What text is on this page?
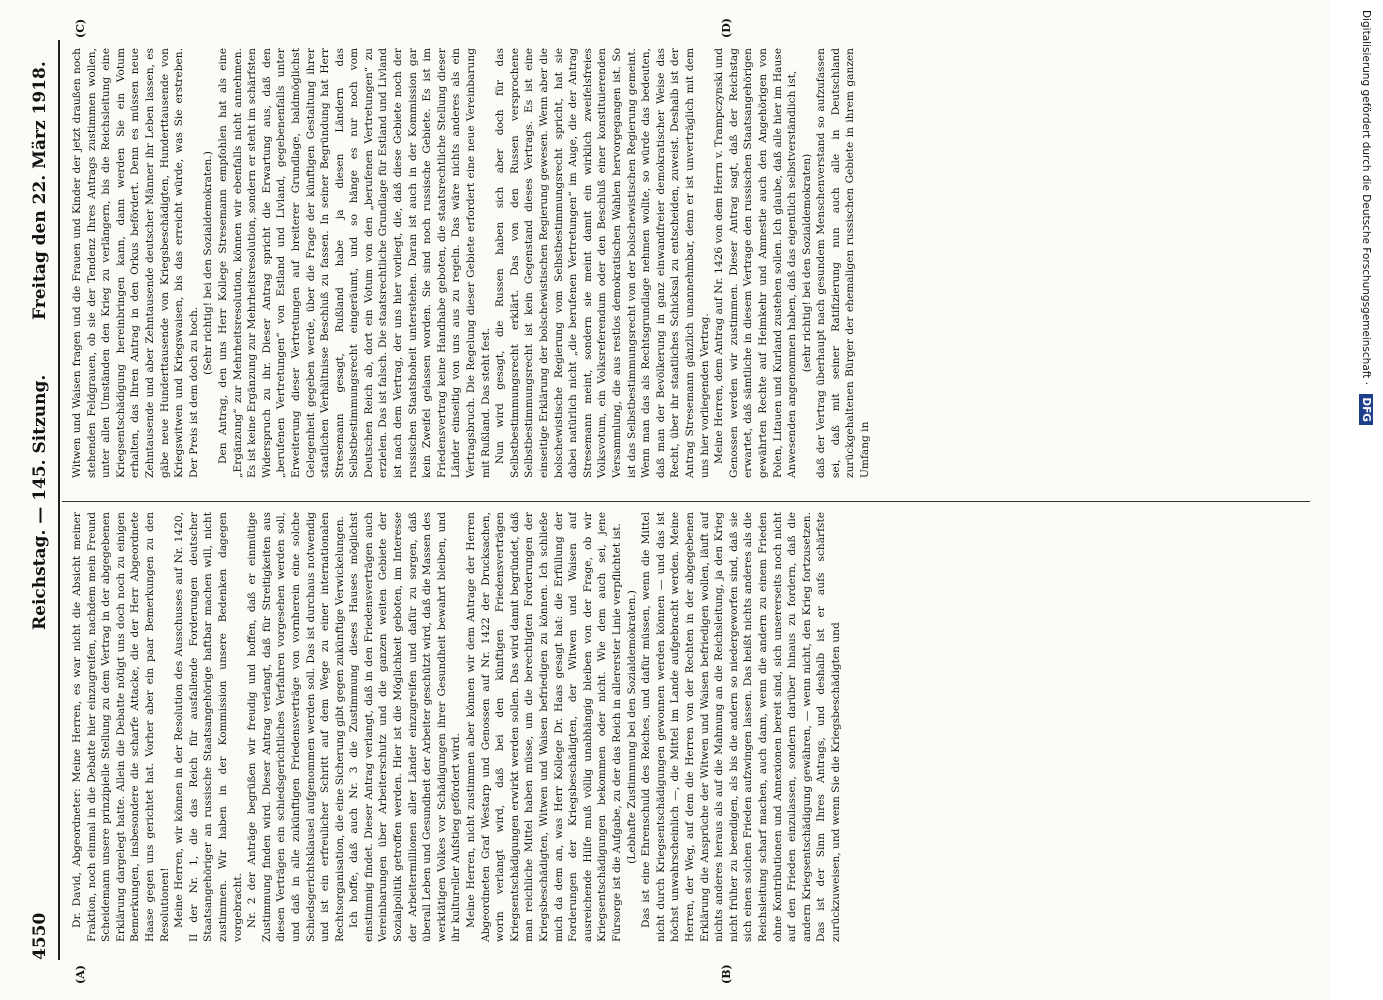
4550
Reichstag. — 145. Sitzung.
Freitag den 22. März 1918.
(A)	(B)
(C)	(D)

Dr. David, Abgeordneter: Meine Herren, es war nicht die Absicht meiner Fraktion, noch einmal in die Debatte hier einzugreifen, nachdem mein Freund Scheidemann unsere prinzipielle Stellung zu dem Vertrag in der abgegebenen Erklärung dargelegt hatte. Allein die Debatte nötigt uns doch noch zu einigen Bemerkungen, insbesondere die scharfe Attacke, die der Herr Abgeordnete Haase gegen uns gerichtet hat. Vorher aber ein paar Bemerkungen zu den Resolutionen! Meine Herren, wir können in der Resolution des Ausschusses auf Nr. 1420, II der Nr. 1, die das Reich für ausfallende Forderungen deutscher Staatsangehöriger an russische Staatsangehörige haftbar machen will, nicht zustimmen. Wir haben in der Kommission unsere Bedenken dagegen vorgebracht. Nr. 2 der Anträge begrüßen wir freudig und hoffen, daß er einmütige Zustimmung finden wird. Dieser Antrag verlangt, daß für Streitigkeiten aus diesen Verträgen ein schiedsgerichtliches Verfahren vorgesehen werden soll, und daß in alle zukünftigen Friedensverträge von vornherein eine solche Schiedsgerichtsklausel aufgenommen werden soll. Das ist durchaus notwendig und ist ein erfreulicher Schritt auf dem Wege zu einer internationalen Rechtsorganisation, die eine Sicherung gibt gegen zukünftige Verwickelungen. Ich hoffe, daß auch Nr. 3 die Zustimmung dieses Hauses möglichst einstimmig findet. Dieser Antrag verlangt, daß in den Friedensverträgen auch Vereinbarungen über Arbeiterschutz und die ganzen weiten Gebiete der Sozialpolitik getroffen werden. Hier ist die Möglichkeit geboten, im Interesse der Arbeitermillionen aller Länder einzugreifen und dafür zu sorgen, daß überall Leben und Gesundheit der Arbeiter geschützt wird, daß die Massen des werktätigen Volkes vor Schädigungen ihrer Gesundheit bewahrt bleiben, und ihr kultureller Aufstieg gefördert wird. Meine Herren, nicht zustimmen aber können wir dem Antrage der Herren Abgeordneten Graf Westarp und Genossen auf Nr. 1422 der Drucksachen, worin verlangt wird, daß bei den künftigen Friedensverträgen Kriegsentschädigungen erwirkt werden sollen. Das wird damit begründet, daß man reichliche Mittel haben müsse, um die berechtigten Forderungen der Kriegsbeschädigten, Witwen und Waisen befriedigen zu können. Ich schließe mich da dem an, was Herr Kollege Dr. Haas gesagt hat: die Erfüllung der Forderungen der Kriegsbeschädigten, der Witwen und Waisen auf ausreichende Hilfe muß völlig unabhängig bleiben von der Frage, ob wir Kriegsentschädigungen bekommen oder nicht. Wie dem auch sei, jene Fürsorge ist die Aufgabe, zu der das Reich in allererster Linie verpflichtet ist. (Lebhafte Zustimmung bei den Sozialdemokraten.) Das ist eine Ehrenschuld des Reiches, und dafür müssen, wenn die Mittel nicht durch Kriegsentschädigungen gewonnen werden können — und das ist höchst unwahrscheinlich —, die Mittel im Lande aufgebracht werden. Meine Herren, der Weg, auf dem die Herren von der Rechten in der abgegebenen Erklärung die Ansprüche der Witwen und Waisen befriedigen wollen, läuft auf nichts anderes heraus als auf die Mahnung an die Reichsleitung, ja den Krieg nicht früher zu beendigen, als bis die andern so niedergeworfen sind, daß sie sich einen solchen Frieden aufzwingen lassen. Das heißt nichts anderes als die Reichsleitung scharf machen, auch dann, wenn die andern zu einem Frieden ohne Kontributionen und Annexionen bereit sind, sich unsererseits noch nicht auf den Frieden einzulassen, sondern darüber hinaus zu fordern, daß die andern Kriegsentschädigung gewähren, — wenn nicht, den Krieg fortzusetzen. Das ist der Sinn Ihres Antrags, und deshalb ist er aufs schärfste zurückzuweisen, und wenn Sie die Kriegsbeschädigten und

Witwen und Waisen fragen und die Frauen und Kinder der jetzt draußen noch stehenden Feldgrauen, ob sie der Tendenz Ihres Antrags zustimmen wollen, unter allen Umständen den Krieg zu verlängern, bis die Reichsleitung eine Kriegsentschädigung hereinbringen kann, dann werden Sie ein Votum erhalten, das Ihren Antrag in den Orkus befördert. Denn es müssen neue Zehntausende und aber Zehntausende deutscher Männer ihr Leben lassen, es gäbe neue Hunderttausende von Kriegsbeschädigten, Hunderttausende von Kriegswitwen und Kriegswaisen, bis das erreicht würde, was Sie erstreben. Der Preis ist dem doch zu hoch.

(Sehr richtig! bei den Sozialdemokraten.) Den Antrag, den uns Herr Kollege Stresemann empfohlen hat als eine „Ergänzung“ zur Mehrheitsresolution, können wir ebenfalls nicht annehmen. Es ist keine Ergänzung zur Mehrheitsresolution, sondern er steht im schärfsten Widerspruch zu ihr. Dieser Antrag spricht die Erwartung aus, daß den „berufenen Vertretungen“ von Estland und Livland, gegebenenfalls unter Erweiterung dieser Vertretungen auf breiterer Grundlage, baldmöglichst Gelegenheit gegeben werde, über die Frage der künftigen Gestaltung ihrer staatlichen Verhältnisse Beschluß zu fassen. In seiner Begründung hat Herr Stresemann gesagt, Rußland habe ja diesen Ländern das Selbstbestimmungsrecht eingeräumt, und so hänge es nur noch vom Deutschen Reich ab, dort ein Votum von den „berufenen Vertretungen“ zu erzielen. Das ist falsch. Die staatsrechtliche Grundlage für Estland und Livland ist nach dem Vertrag, der uns hier vorliegt, die, daß diese Gebiete noch der russischen Staatshoheit unterstehen. Daran ist auch in der Kommission gar kein Zweifel gelassen worden. Sie sind noch russische Gebiete. Es ist im Friedensvertrag keine Handhabe geboten, die staatsrechtliche Stellung dieser Länder einseitig von uns aus zu regeln. Das wäre nichts anderes als ein Vertragsbruch. Die Regelung dieser Gebiete erfordert eine neue Vereinbarung mit Rußland. Das steht fest. Nun wird gesagt, die Russen haben sich aber doch für das Selbstbestimmungsrecht erklärt. Das von den Russen versprochene Selbstbestimmungsrecht ist kein Gegenstand dieses Vertrags. Es ist eine einseitige Erklärung der bolschewistischen Regierung gewesen. Wenn aber die bolschewistische Regierung vom Selbstbestimmungsrecht spricht, hat sie dabei natürlich nicht „die berufenen Vertretungen“ im Auge, die der Antrag Stresemann meint, sondern sie meint damit ein wirklich zweifelsfreies Volksvotum, ein Volksreferendum oder den Beschluß einer konstituierenden Versammlung, die aus restlos demokratischen Wahlen hervorgegangen ist. So ist das Selbstbestimmungsrecht von der bolschewistischen Regierung gemeint. Wenn man das als Rechtsgrundlage nehmen wollte, so würde das bedeuten, daß man der Bevölkerung in ganz einwandfreier demokratischer Weise das Recht, über ihr staatliches Schicksal zu entscheiden, zuweist. Deshalb ist der Antrag Stresemann gänzlich unannehmbar, denn er ist unverträglich mit dem uns hier vorliegenden Vertrag. Meine Herren, dem Antrag auf Nr. 1426 von dem Herrn v. Trampczynski und Genossen werden wir zustimmen. Dieser Antrag sagt, daß der Reichstag erwartet, daß sämtliche in diesem Vertrage den russischen Staatsangehörigen gewährten Rechte auf Heimkehr und Amnestie auch den Angehörigen von Polen, Litauen und Kurland zustehen sollen. Ich glaube, daß alle hier im Hause Anwesenden angenommen haben, daß das eigentlich selbstverständlich ist, (sehr richtig! bei den Sozialdemokraten) daß der Vertrag überhaupt nach gesundem Menschenverstand so aufzufassen sei, daß mit seiner Ratifizierung nun auch alle in Deutschland zurückgehaltenen Bürger der ehemaligen russischen Gebiete in ihrem ganzen Umfang in

Digitalisierung gefördert durch die Deutsche Forschungsgemeinschaft · DFG
